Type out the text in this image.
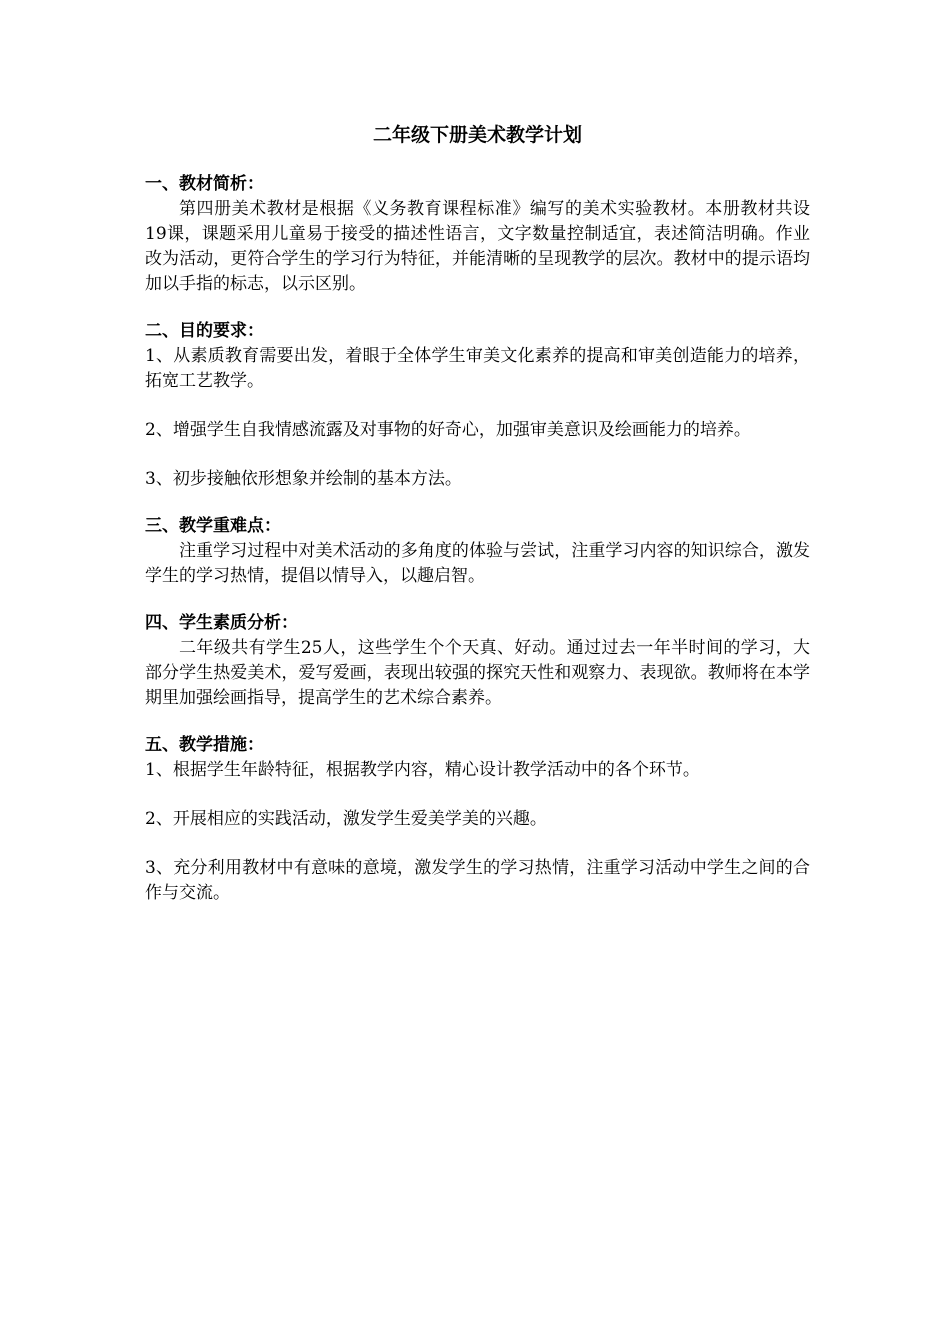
二年级下册美术教学计划

一、教材简析：

第四册美术教材是根据《义务教育课程标准》编写的美术实验教材。本册教材共设19课，课题采用儿童易于接受的描述性语言，文字数量控制适宜，表述简洁明确。作业改为活动，更符合学生的学习行为特征，并能清晰的呈现教学的层次。教材中的提示语均加以手指的标志，以示区别。

二、目的要求：

1、从素质教育需要出发，着眼于全体学生审美文化素养的提高和审美创造能力的培养，拓宽工艺教学。

2、增强学生自我情感流露及对事物的好奇心，加强审美意识及绘画能力的培养。

3、初步接触依形想象并绘制的基本方法。

三、教学重难点：

注重学习过程中对美术活动的多角度的体验与尝试，注重学习内容的知识综合，激发学生的学习热情，提倡以情导入，以趣启智。

四、学生素质分析：

二年级共有学生25人，这些学生个个天真、好动。通过过去一年半时间的学习，大部分学生热爱美术，爱写爱画，表现出较强的探究天性和观察力、表现欲。教师将在本学期里加强绘画指导，提高学生的艺术综合素养。

五、教学措施：

1、根据学生年龄特征，根据教学内容，精心设计教学活动中的各个环节。

2、开展相应的实践活动，激发学生爱美学美的兴趣。

3、充分利用教材中有意味的意境，激发学生的学习热情，注重学习活动中学生之间的合作与交流。
